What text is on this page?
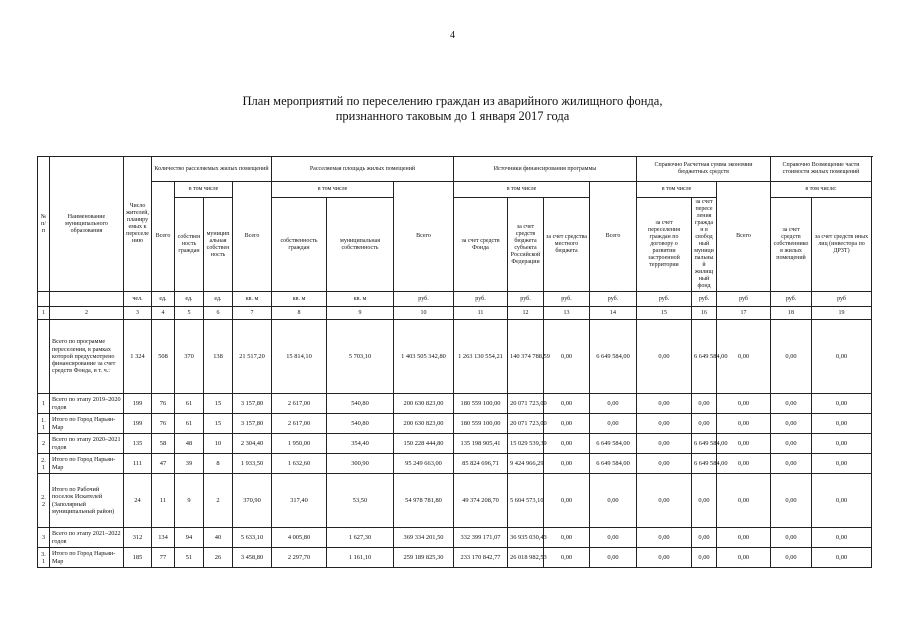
4
План мероприятий по переселению граждан из аварийного жилищного фонда,
признанного таковым до 1 января 2017 года
№ п/п	Наименование муниципального образования	Число жителей, планируемых к переселению	Количество расселяемых жилых помещений				Расселяемая площадь жилых помещений			Источники финансирования программы				Справочно Расчетная сумма экономии бюджетных средств			Справочно Возмещение части стоимости жилых помещений	
			Всего	в том числе		Всего	в том числе		Всего	в том числе			Всего	в том числе		Всего	в том числе:	
				собственность граждан	муниципальная собственность		собственность граждан	муниципальная собственность		за счет средств Фонда	за счет средств бюджета субъекта Российской Федерации	за счет средства местного бюджета		за счет переселения граждан по договору о развитии застроенной территории	за счет переселения граждан в свободный муниципальный жилищный фонд		за счет средств собственников жилых помещений	за счет средств иных лиц (инвестора по ДРЗТ)
		чел.	ед.	ед.	ед.	кв. м	кв. м	кв. м	руб.	руб.	руб.	руб.	руб.	руб.	руб.	руб	руб.	руб
1	2	3	4	5	6	7	8	9	10	11	12	13	14	15	16	17	18	19
	Всего по программе переселения, в рамках которой предусмотрено финансирование за счет средств Фонда, в т. ч.:	1 324	508	370	138	21 517,20	15 814,10	5 703,10	1 403 505 342,80	1 263 130 554,21	140 374 788,59	0,00	6 649 584,00	0,00	6 649 584,00	0,00	0,00	0,00
1	Всего по этапу 2019–2020 годов	199	76	61	15	3 157,80	2 617,00	540,80	200 630 823,00	180 559 100,00	20 071 723,00	0,00	0,00	0,00	0,00	0,00	0,00	0,00
1.1	Итого по Город Нарьян-Мар	199	76	61	15	3 157,80	2 617,00	540,80	200 630 823,00	180 559 100,00	20 071 723,00	0,00	0,00	0,00	0,00	0,00	0,00	0,00
2	Всего по этапу 2020–2021 годов	135	58	48	10	2 304,40	1 950,00	354,40	150 228 444,80	135 198 905,41	15 029 539,39	0,00	6 649 584,00	0,00	6 649 584,00	0,00	0,00	0,00
2.1	Итого по Город Нарьян-Мар	111	47	39	8	1 933,50	1 632,60	300,90	95 249 663,00	85 824 696,71	9 424 966,29	0,00	6 649 584,00	0,00	6 649 584,00	0,00	0,00	0,00
2.2	Итого по Рабочий поселок Искателей (Заполярный муниципальный район)	24	11	9	2	370,90	317,40	53,50	54 978 781,80	49 374 208,70	5 604 573,10	0,00	0,00	0,00	0,00	0,00	0,00	0,00
3	Всего по этапу 2021–2022 годов	312	134	94	40	5 633,10	4 005,80	1 627,30	369 334 201,50	332 399 171,07	36 935 030,43	0,00	0,00	0,00	0,00	0,00	0,00	0,00
3.1	Итого по Город Нарьян-Мар	185	77	51	26	3 458,80	2 297,70	1 161,10	259 189 825,30	233 170 842,77	26 018 982,53	0,00	0,00	0,00	0,00	0,00	0,00	0,00
